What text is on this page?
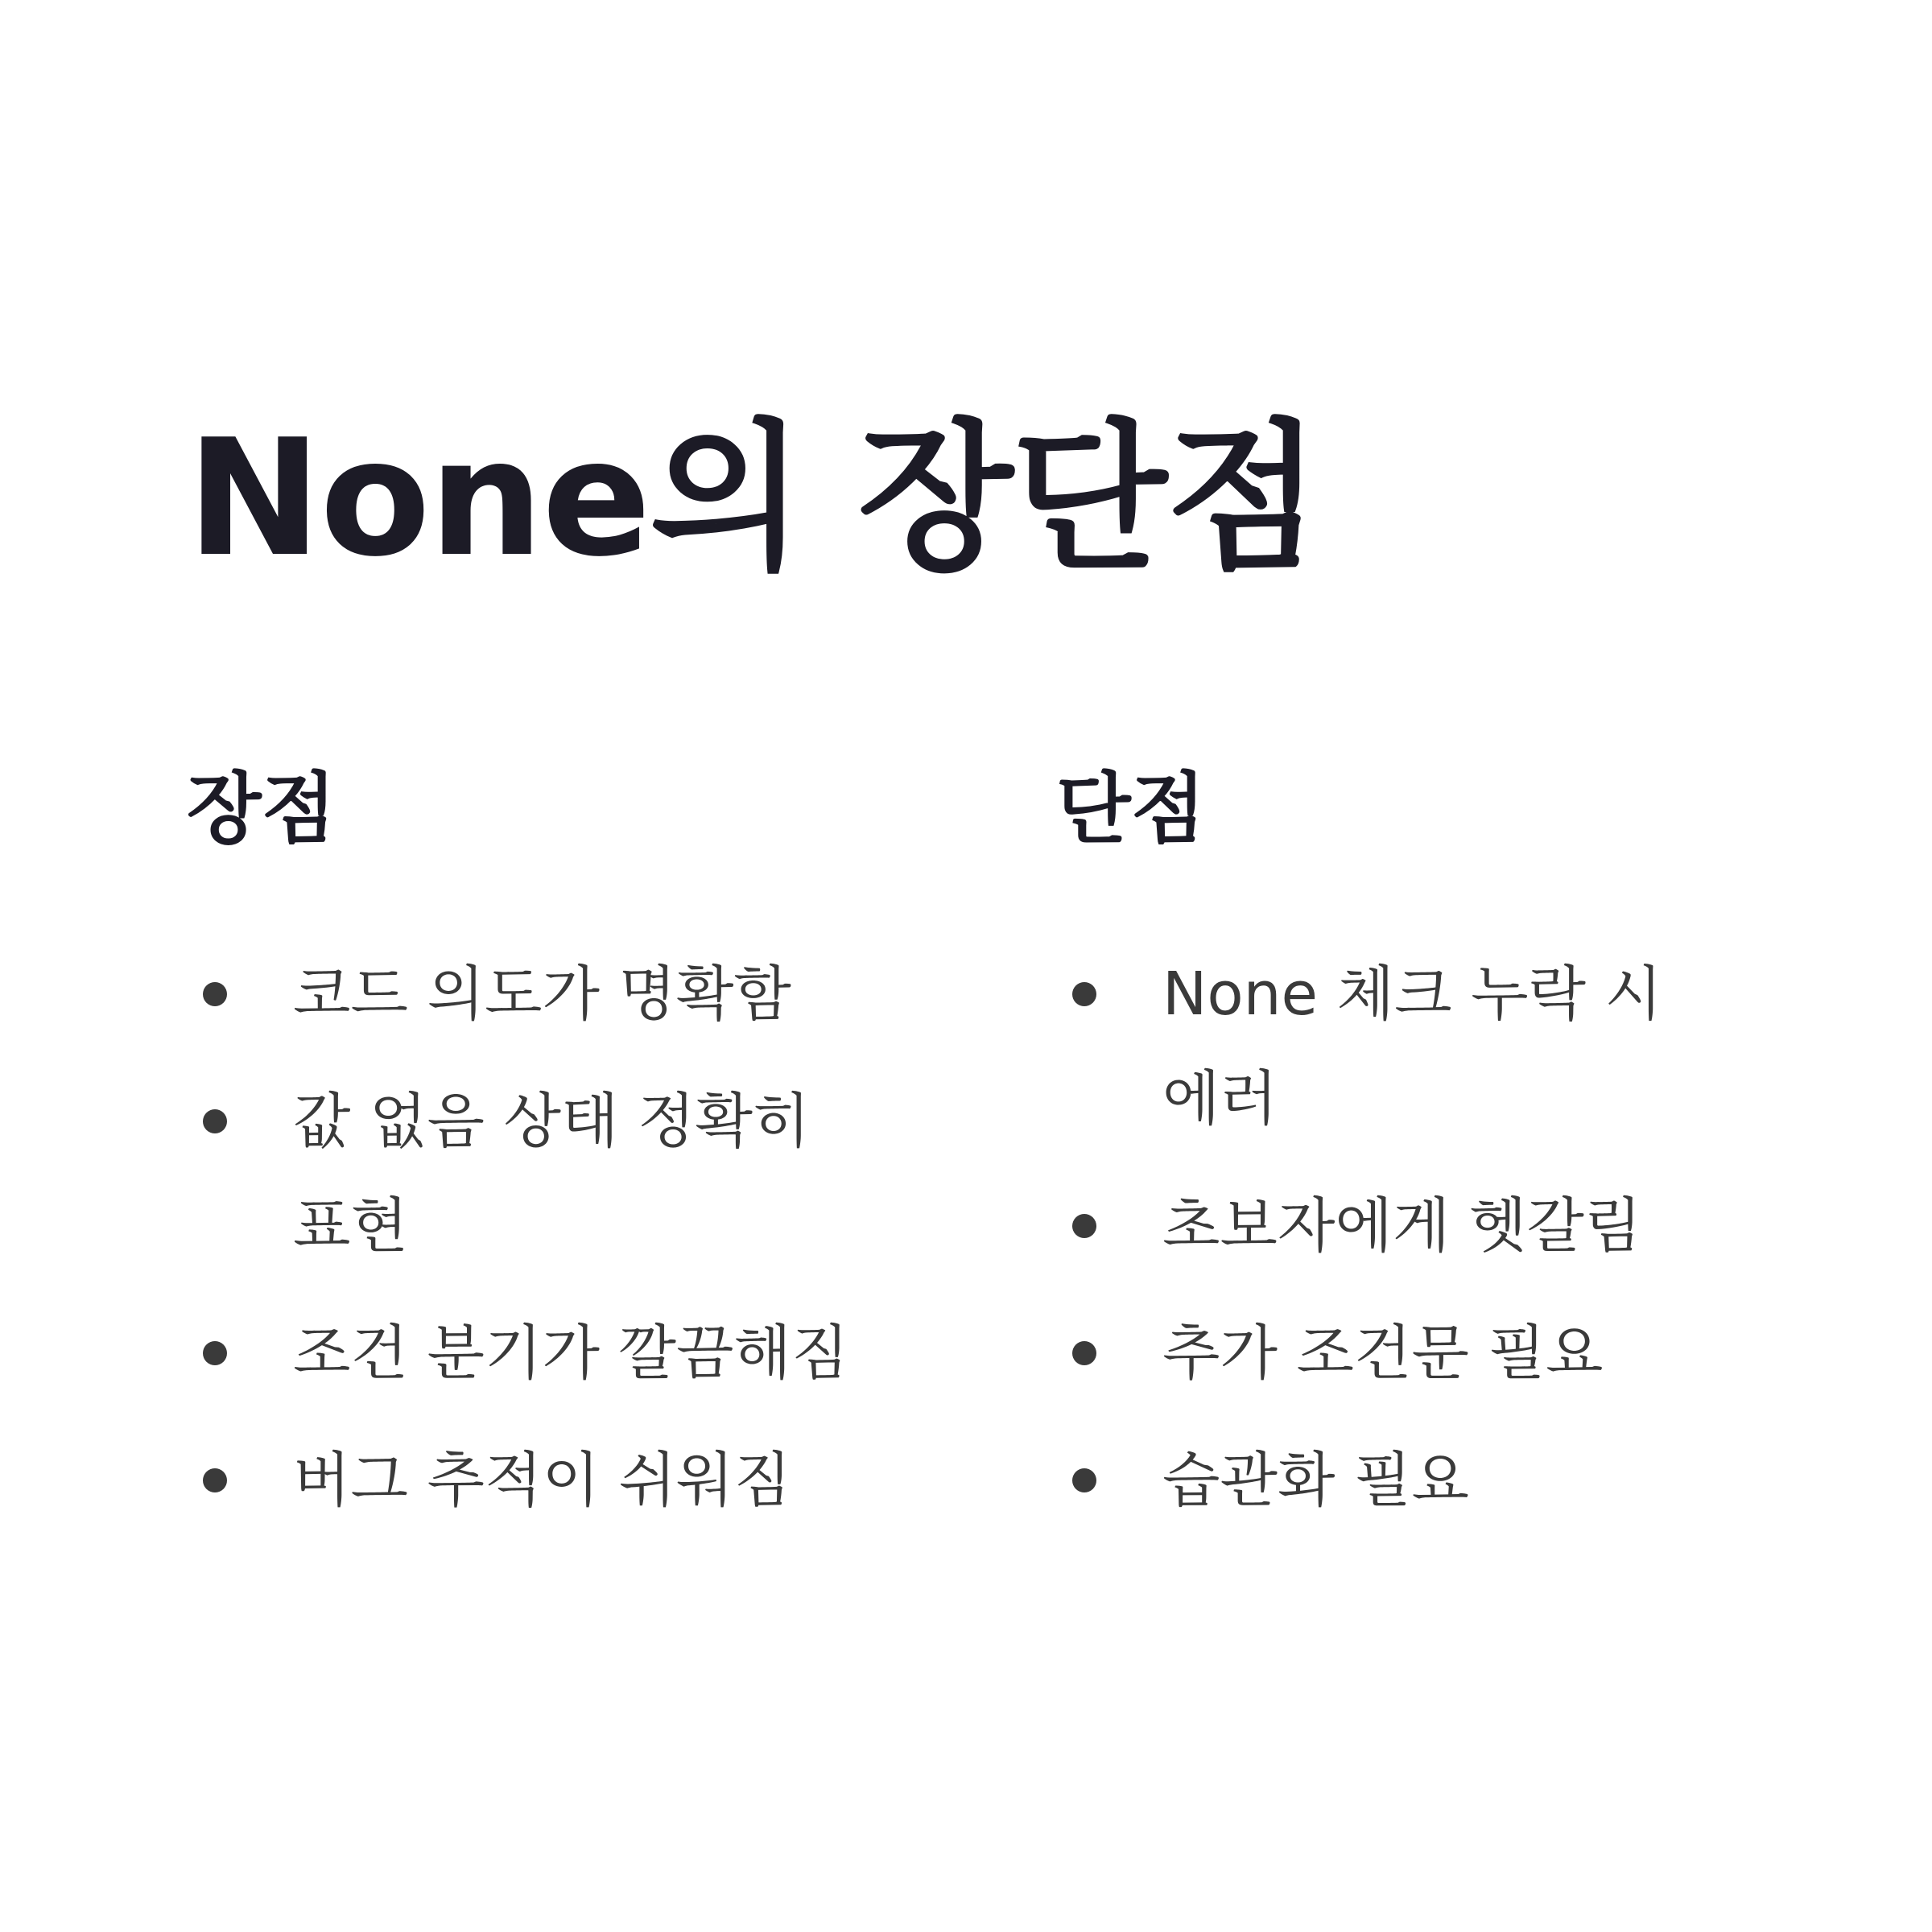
None의 장단점
장점
코드 의도가 명확함
값 없음 상태 정확히 표현
조건 분기가 깔끔해짐
버그 추적이 쉬워짐
단점
None 체크 누락 시 에러
초보자에게 헷갈림
추가 조건문 필요
습관화 필요
